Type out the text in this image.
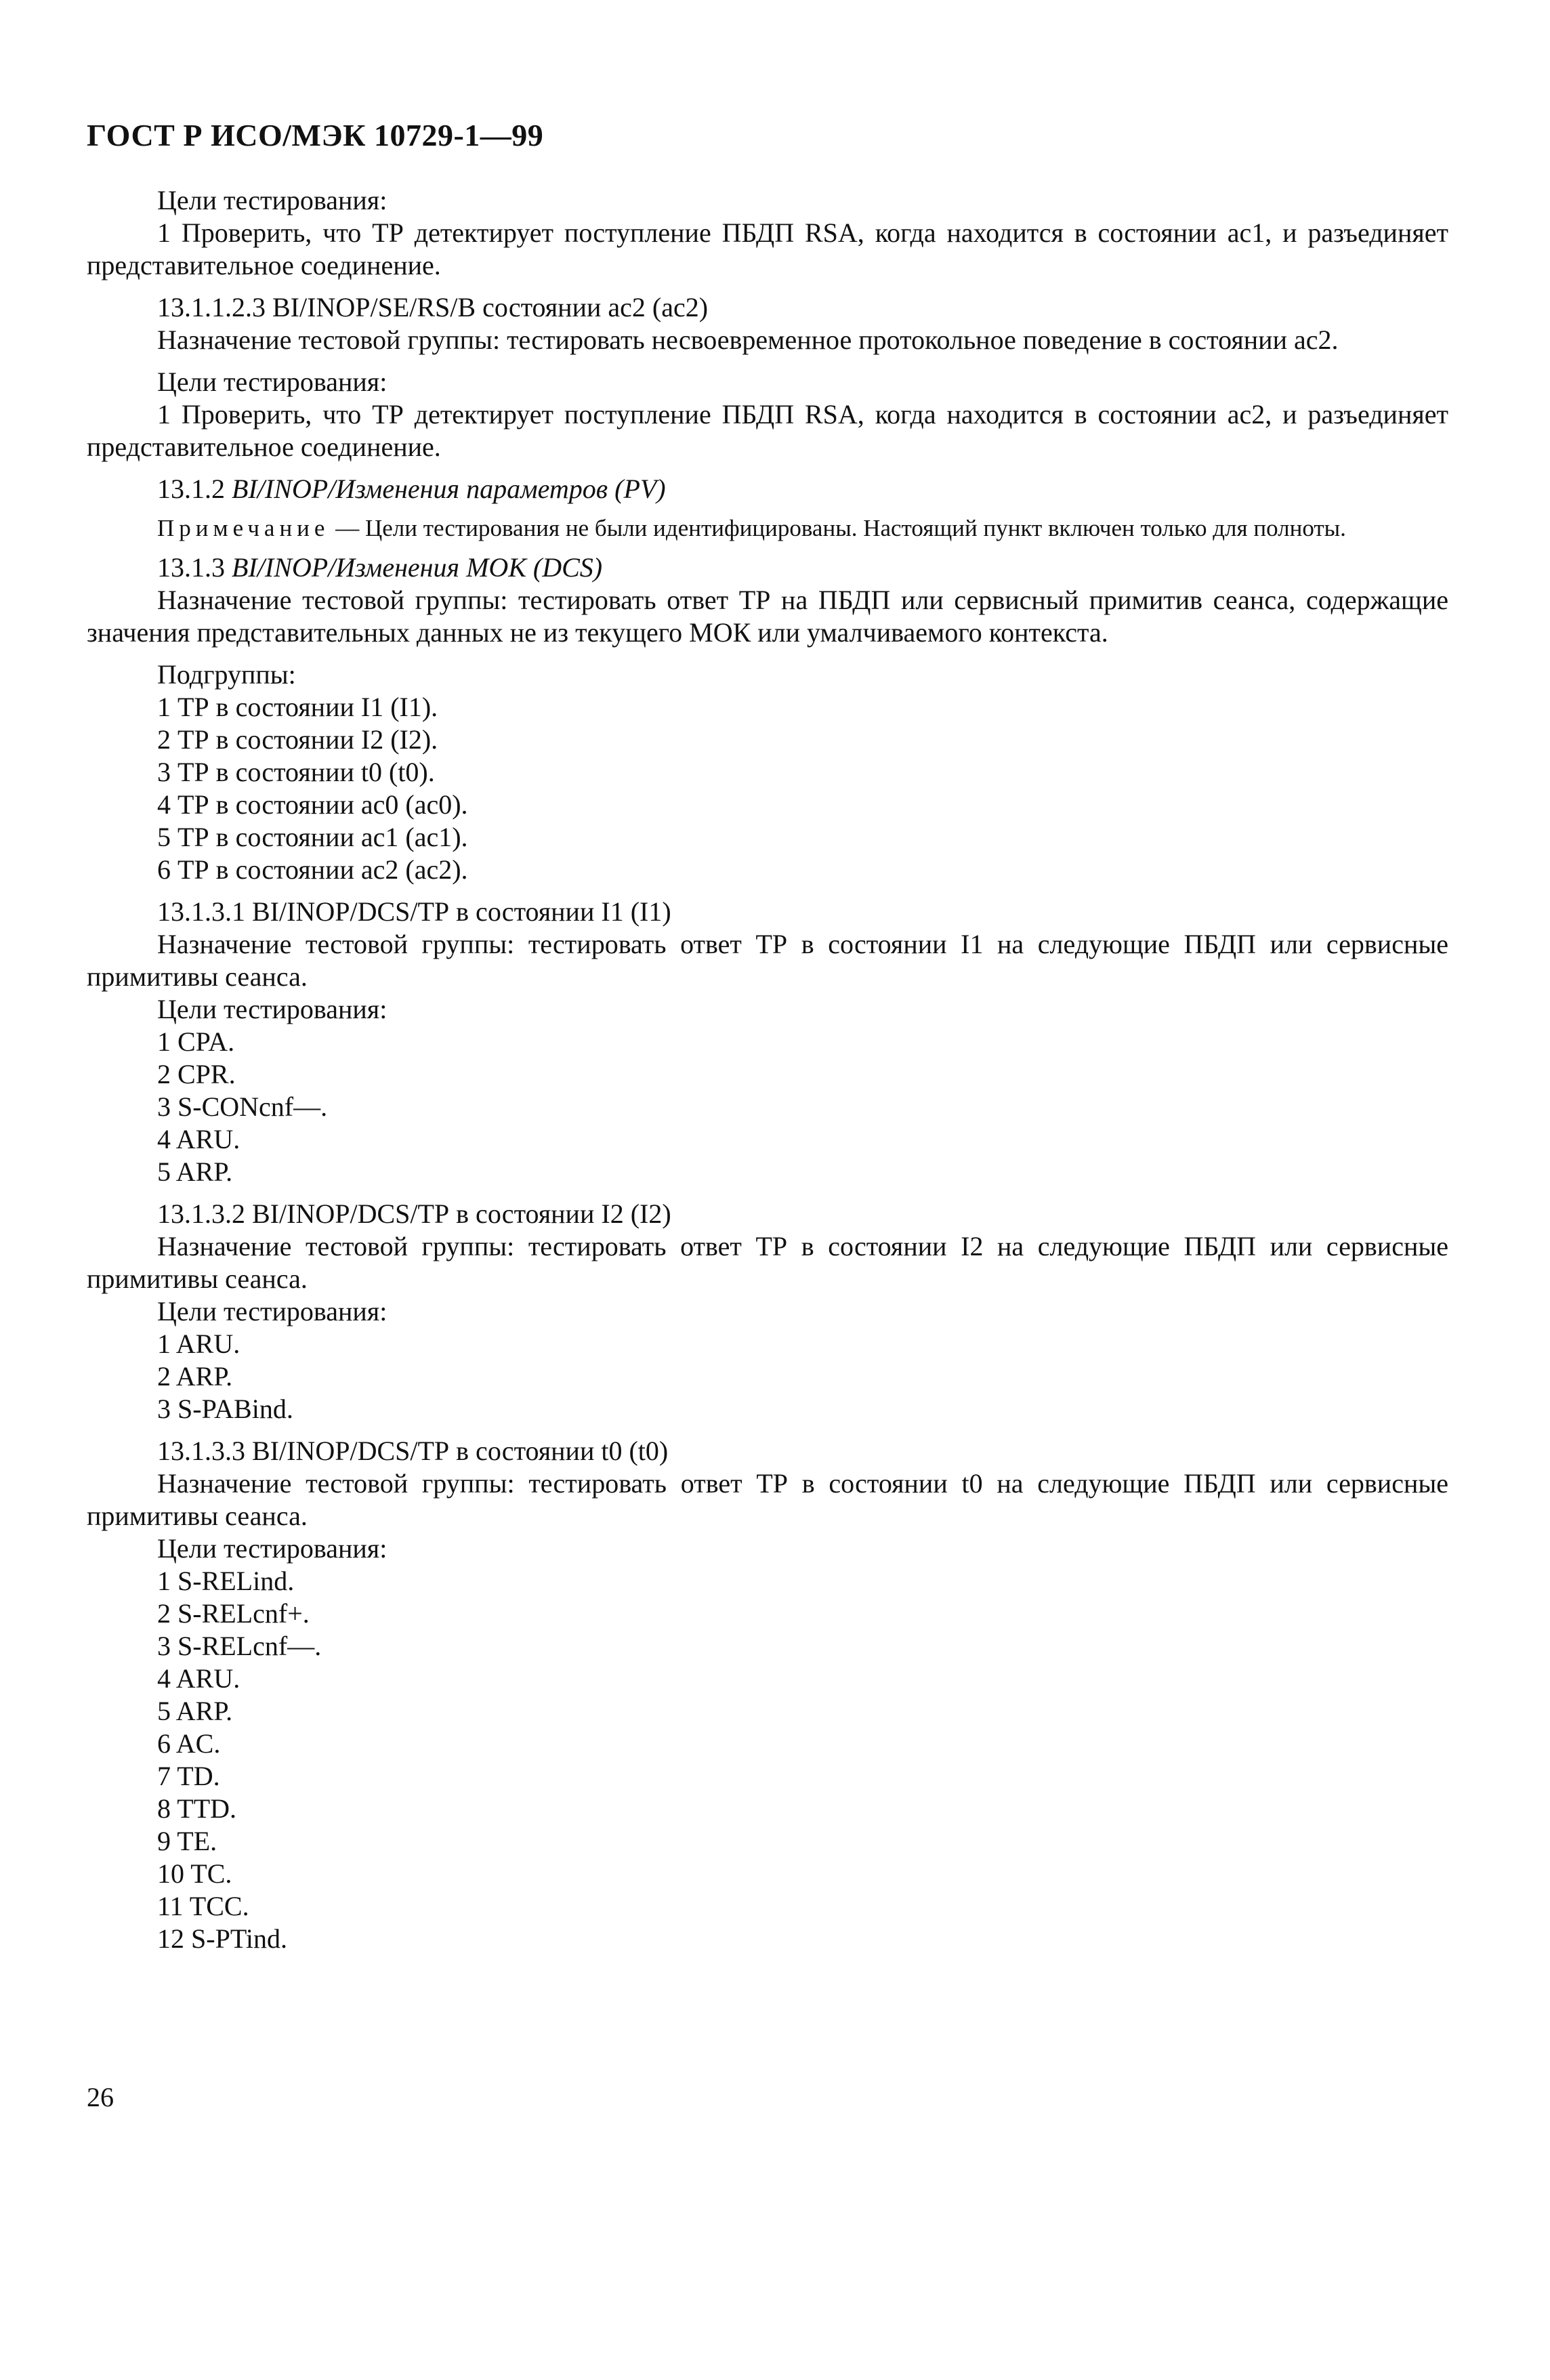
ГОСТ Р ИСО/МЭК 10729-1—99

Цели тестирования:

1 Проверить, что ТР детектирует поступление ПБДП RSA, когда находится в состоянии ac1, и разъединяет представительное соединение.

13.1.1.2.3 BI/INOP/SE/RS/В состоянии ac2 (ac2)

Назначение тестовой группы: тестировать несвоевременное протокольное поведение в состоянии ac2.

Цели тестирования:

1 Проверить, что ТР детектирует поступление ПБДП RSA, когда находится в состоянии ac2, и разъединяет представительное соединение.

13.1.2 BI/INOP/Изменения параметров (PV)

Примечание — Цели тестирования не были идентифицированы. Настоящий пункт включен только для полноты.

13.1.3 BI/INOP/Изменения МОК (DCS)

Назначение тестовой группы: тестировать ответ ТР на ПБДП или сервисный примитив сеанса, содержащие значения представительных данных не из текущего МОК или умалчиваемого контекста.

Подгруппы:

1 ТР в состоянии I1 (I1).

2 ТР в состоянии I2 (I2).

3 ТР в состоянии t0 (t0).

4 ТР в состоянии ac0 (ac0).

5 ТР в состоянии ac1 (ac1).

6 ТР в состоянии ac2 (ac2).

13.1.3.1 BI/INOP/DCS/ТР в состоянии I1 (I1)

Назначение тестовой группы: тестировать ответ ТР в состоянии I1 на следующие ПБДП или сервисные примитивы сеанса.

Цели тестирования:

1 CPA.

2 CPR.

3 S-CONcnf—.

4 ARU.

5 ARP.

13.1.3.2 BI/INOP/DCS/ТР в состоянии I2 (I2)

Назначение тестовой группы: тестировать ответ ТР в состоянии I2 на следующие ПБДП или сервисные примитивы сеанса.

Цели тестирования:

1 ARU.

2 ARP.

3 S-PABind.

13.1.3.3 BI/INOP/DCS/ТР в состоянии t0 (t0)

Назначение тестовой группы: тестировать ответ ТР в состоянии t0 на следующие ПБДП или сервисные примитивы сеанса.

Цели тестирования:

1 S-RELind.

2 S-RELcnf+.

3 S-RELcnf—.

4 ARU.

5 ARP.

6 AC.

7 TD.

8 TTD.

9 TE.

10 TC.

11 TCC.

12 S-PTind.

26
